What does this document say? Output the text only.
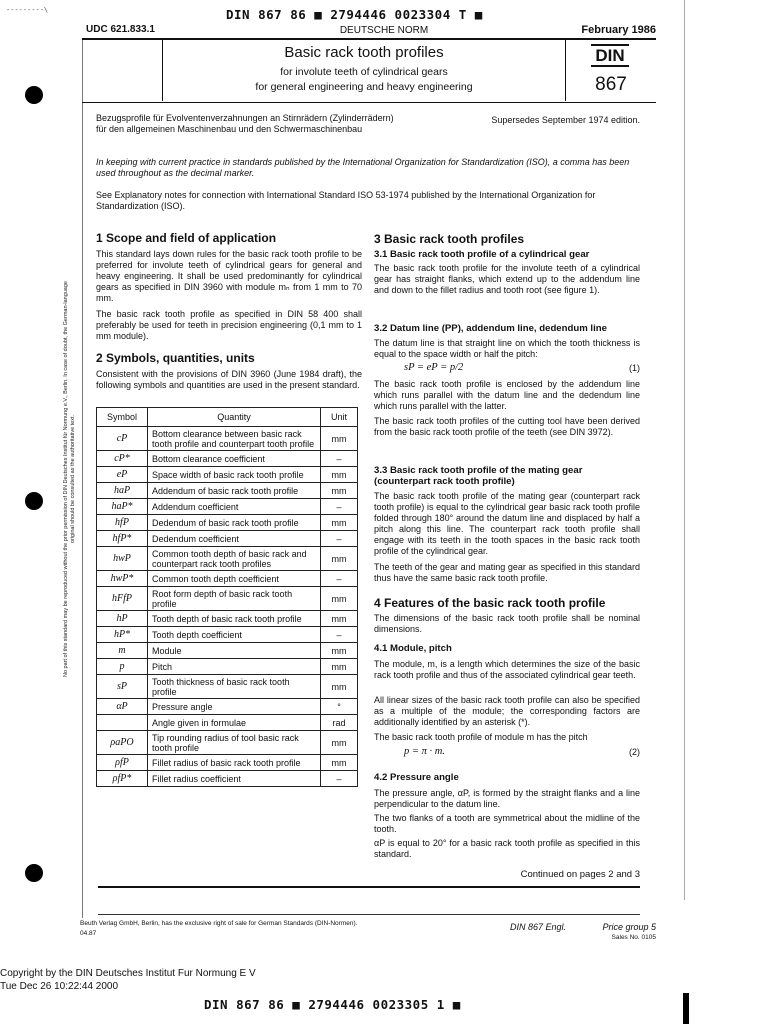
---------\	DIN 867 86 ■ 2794446 0023304 T ■
UDC 621.833.1	DEUTSCHE NORM	February 1986
Basic rack tooth profiles
for involute teeth of cylindrical gears
for general engineering and heavy engineering
DIN
867
Bezugsprofile für Evolventenverzahnungen an Stirnrädern (Zylinderrädern) für den allgemeinen Maschinenbau und den Schwermaschinenbau
Supersedes September 1974 edition.
In keeping with current practice in standards published by the International Organization for Standardization (ISO), a comma has been used throughout as the decimal marker.
See Explanatory notes for connection with International Standard ISO 53-1974 published by the International Organization for Standardization (ISO).
No part of this standard may be reproduced without the prior permission of DIN Deutsches Institut für Normung e.V., Berlin. In case of doubt, the German-language original should be consulted as the authoritative text.
1 Scope and field of application
This standard lays down rules for the basic rack tooth profile to be preferred for involute teeth of cylindrical gears for general and heavy engineering. It shall be used predominantly for cylindrical gears as specified in DIN 3960 with module mₙ from 1 mm to 70 mm.
The basic rack tooth profile as specified in DIN 58 400 shall preferably be used for teeth in precision engineering (0,1 mm to 1 mm module).
2 Symbols, quantities, units
Consistent with the provisions of DIN 3960 (June 1984 draft), the following symbols and quantities are used in the present standard.
Symbol	Quantity	Unit
cP	Bottom clearance between basic rack tooth profile and counterpart tooth profile	mm
cP*	Bottom clearance coefficient	–
eP	Space width of basic rack tooth profile	mm
haP	Addendum of basic rack tooth profile	mm
haP*	Addendum coefficient	–
hfP	Dedendum of basic rack tooth profile	mm
hfP*	Dedendum coefficient	–
hwP	Common tooth depth of basic rack and counterpart rack tooth profiles	mm
hwP*	Common tooth depth coefficient	–
hFfP	Root form depth of basic rack tooth profile	mm
hP	Tooth depth of basic rack tooth profile	mm
hP*	Tooth depth coefficient	–
m	Module	mm
p	Pitch	mm
sP	Tooth thickness of basic rack tooth profile	mm
αP	Pressure angle	°
	Angle given in formulae	rad
ρaPO	Tip rounding radius of tool basic rack tooth profile	mm
ρfP	Fillet radius of basic rack tooth profile	mm
ρfP*	Fillet radius coefficient	–
3 Basic rack tooth profiles
3.1 Basic rack tooth profile of a cylindrical gear
The basic rack tooth profile for the involute teeth of a cylindrical gear has straight flanks, which extend up to the addendum line and down to the fillet radius and tooth root (see figure 1).
3.2 Datum line (PP), addendum line, dedendum line
The datum line is that straight line on which the tooth thickness is equal to the space width or half the pitch:
sP = eP = p/2	(1)
The basic rack tooth profile is enclosed by the addendum line which runs parallel with the datum line and the dedendum line which runs parallel with the latter.
The basic rack tooth profiles of the cutting tool have been derived from the basic rack tooth profile of the teeth (see DIN 3972).
3.3 Basic rack tooth profile of the mating gear (counterpart rack tooth profile)
The basic rack tooth profile of the mating gear (counterpart rack tooth profile) is equal to the cylindrical gear basic rack tooth profile folded through 180° around the datum line and displaced by half a pitch along this line. The counterpart rack tooth profile shall engage with its teeth in the tooth spaces in the basic rack tooth profile of the cylindrical gear.
The teeth of the gear and mating gear as specified in this standard thus have the same basic rack tooth profile.
4 Features of the basic rack tooth profile
The dimensions of the basic rack tooth profile shall be nominal dimensions.
4.1 Module, pitch
The module, m, is a length which determines the size of the basic rack tooth profile and thus of the associated cylindrical gear teeth.
All linear sizes of the basic rack tooth profile can also be specified as a multiple of the module; the corresponding factors are additionally identified by an asterisk (*).
The basic rack tooth profile of module m has the pitch
p = π · m.	(2)
4.2 Pressure angle
The pressure angle, αP, is formed by the straight flanks and a line perpendicular to the datum line.
The two flanks of a tooth are symmetrical about the midline of the tooth.
αP is equal to 20° for a basic rack tooth profile as specified in this standard.
Continued on pages 2 and 3
Beuth Verlag GmbH, Berlin, has the exclusive right of sale for German Standards (DIN-Normen).
04.87
DIN 867 Engl.	Price group 5
Sales No. 0105
Copyright by the DIN Deutsches Institut Fur Normung E V
Tue Dec 26 10:22:44 2000
DIN 867 86 ■ 2794446 0023305 1 ■
